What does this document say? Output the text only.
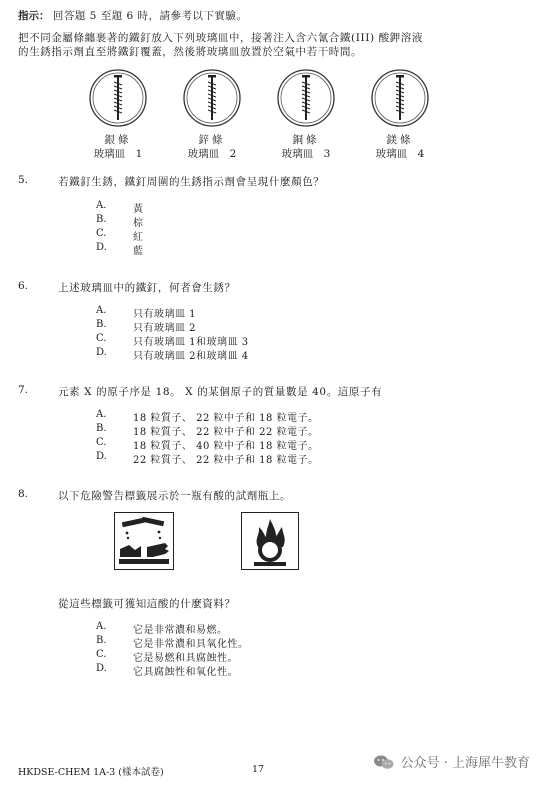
指示： 回答題 5 至題 6 時，請參考以下實驗。
把不同金屬條纏裹著的鐵釘放入下列玻璃皿中，接著注入含六氰合鐵(III) 酸鉀溶液
的生銹指示劑直至將鐵釘覆蓋，然後將玻璃皿放置於空氣中若干時間。
銀條
玻璃皿　1
鋅條
玻璃皿　2
銅條
玻璃皿　3
鎂條
玻璃皿　4
5.	若鐵釘生銹，鐵釘周圍的生銹指示劑會呈現什麼顏色？
A.	黃
B.	棕
C.	紅
D.	藍
6.	上述玻璃皿中的鐵釘，何者會生銹？
A.	只有玻璃皿 1
B.	只有玻璃皿 2
C.	只有玻璃皿 1和玻璃皿 3
D.	只有玻璃皿 2和玻璃皿 4
7.	元素 X 的原子序是 18。 X 的某個原子的質量數是 40。這原子有
A.	18 粒質子、 22 粒中子和 18 粒電子。
B.	18 粒質子、 22 粒中子和 22 粒電子。
C.	18 粒質子、 40 粒中子和 18 粒電子。
D.	22 粒質子、 22 粒中子和 18 粒電子。
8.	以下危險警告標籤展示於一瓶有酸的試劑瓶上。
從這些標籤可獲知這酸的什麼資料？
A.	它是非常濃和易燃。
B.	它是非常濃和具氧化性。
C.	它是易燃和具腐蝕性。
D.	它具腐蝕性和氧化性。
HKDSE-CHEM 1A-3 (樣本試卷)	17	公众号 · 上海犀牛教育
